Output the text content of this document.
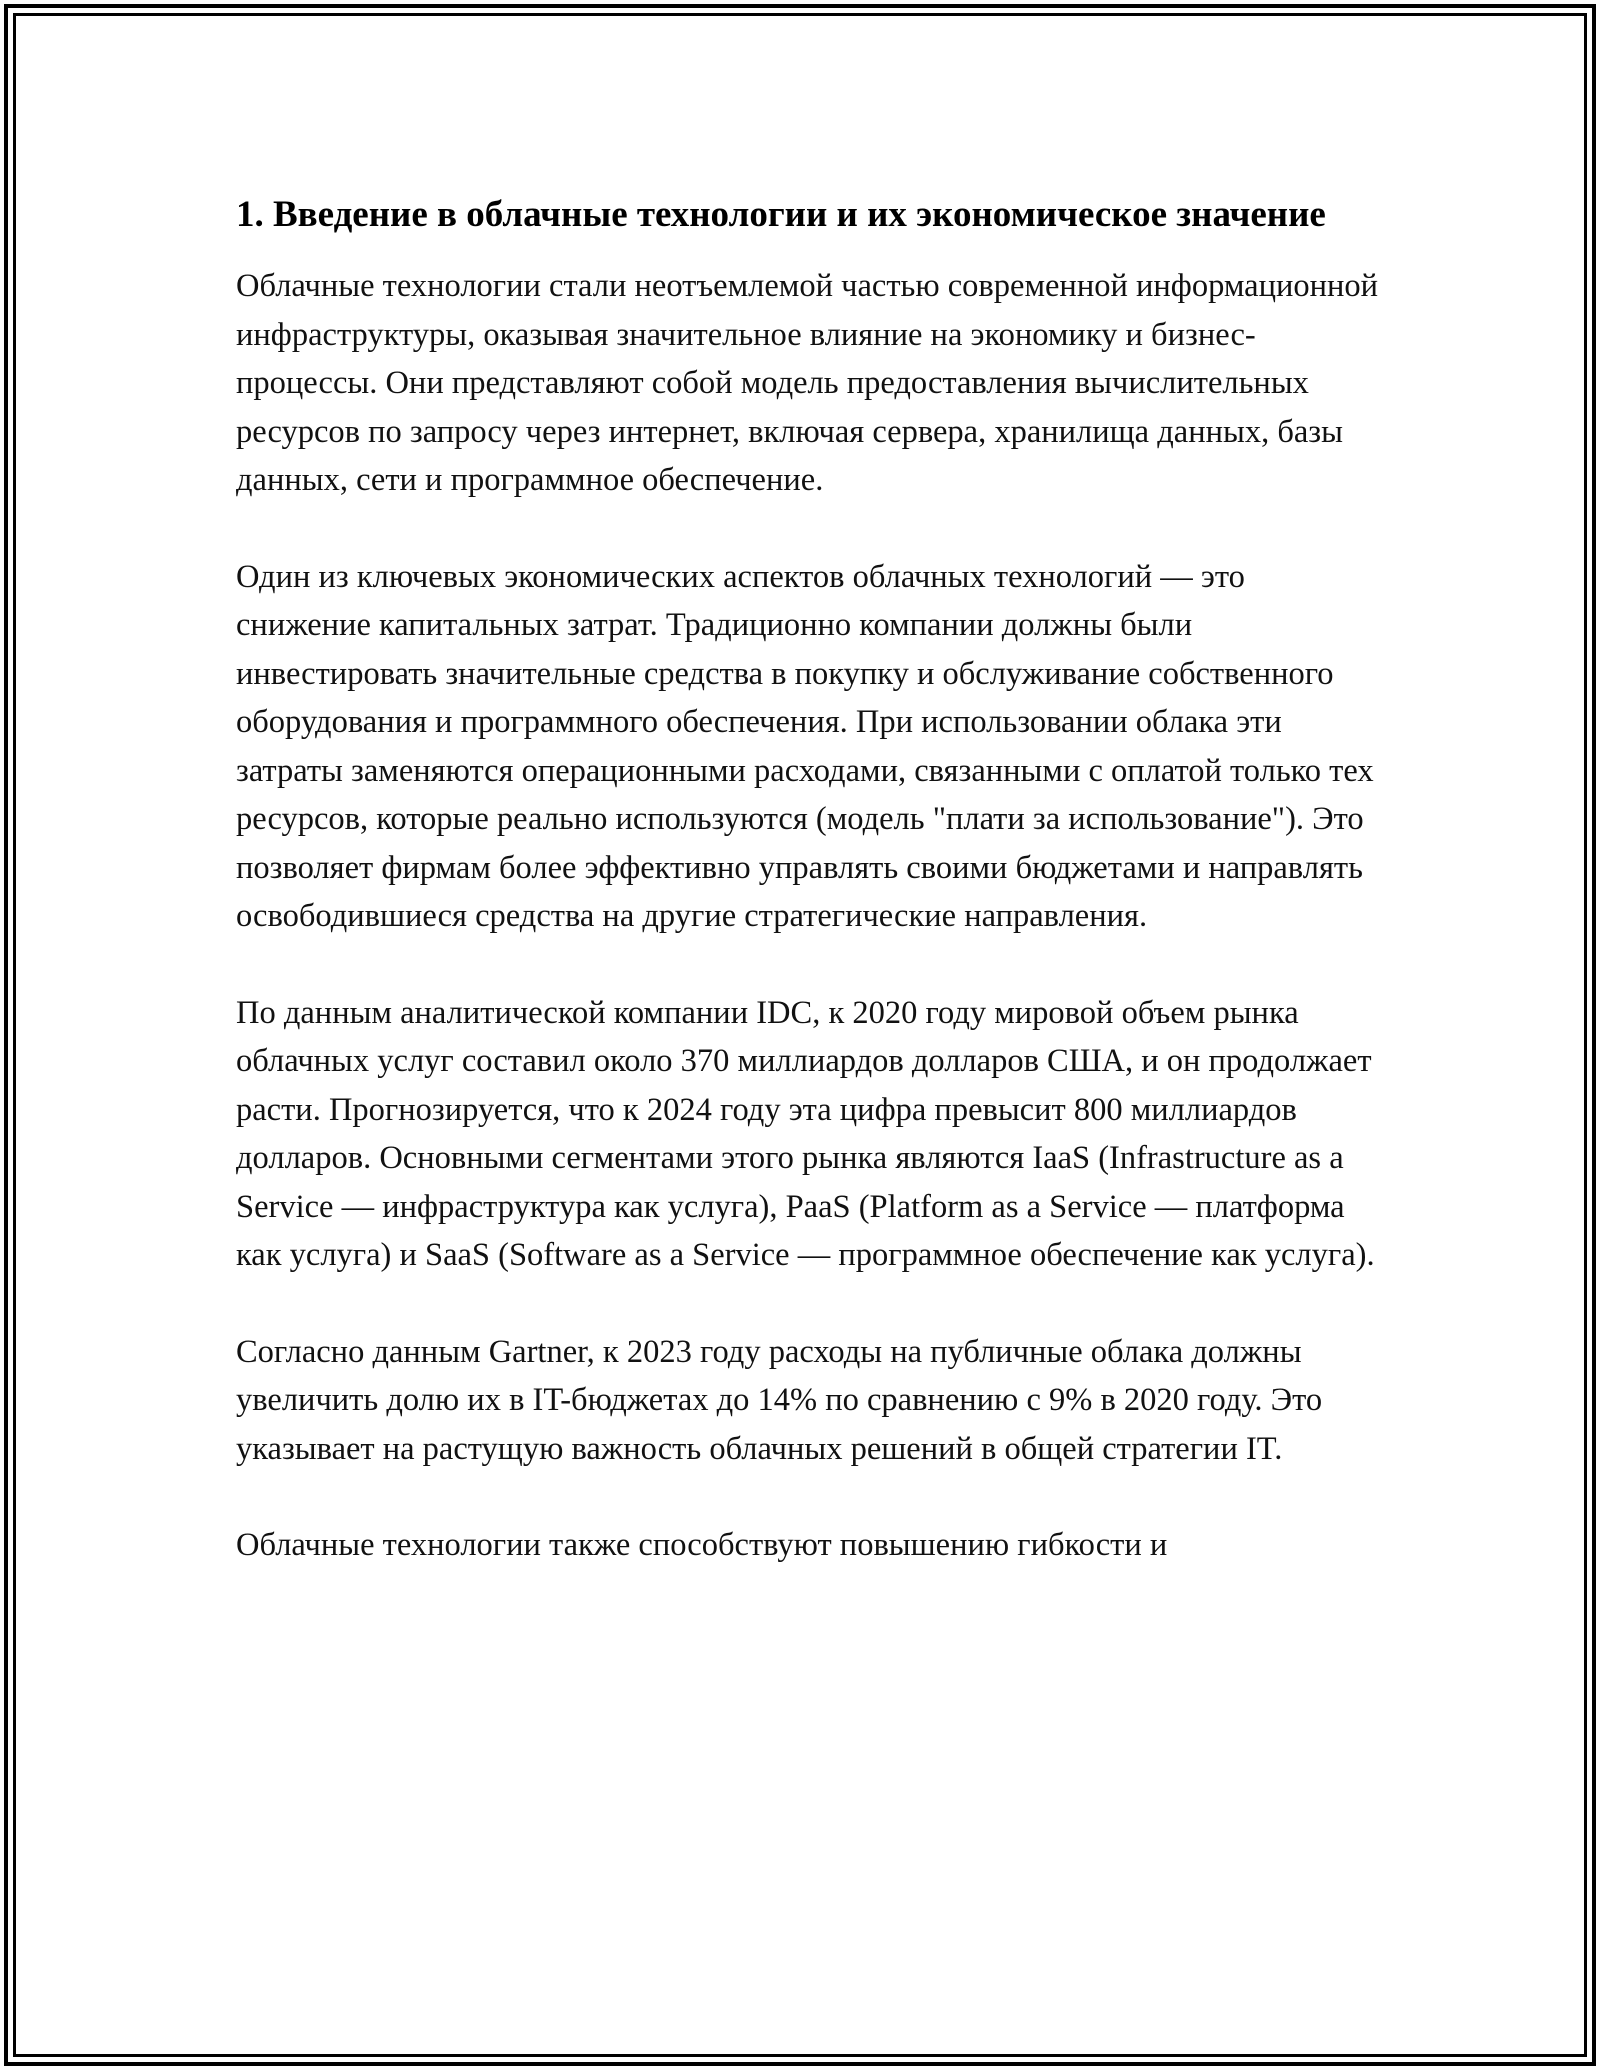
1. Введение в облачные технологии и их экономическое значение

Облачные технологии стали неотъемлемой частью современной информационной инфраструктуры, оказывая значительное влияние на экономику и бизнес-процессы. Они представляют собой модель предоставления вычислительных ресурсов по запросу через интернет, включая сервера, хранилища данных, базы данных, сети и программное обеспечение.

Один из ключевых экономических аспектов облачных технологий — это снижение капитальных затрат. Традиционно компании должны были инвестировать значительные средства в покупку и обслуживание собственного оборудования и программного обеспечения. При использовании облака эти затраты заменяются операционными расходами, связанными с оплатой только тех ресурсов, которые реально используются (модель "плати за использование"). Это позволяет фирмам более эффективно управлять своими бюджетами и направлять освободившиеся средства на другие стратегические направления.

По данным аналитической компании IDC, к 2020 году мировой объем рынка облачных услуг составил около 370 миллиардов долларов США, и он продолжает расти. Прогнозируется, что к 2024 году эта цифра превысит 800 миллиардов долларов. Основными сегментами этого рынка являются IaaS (Infrastructure as a Service — инфраструктура как услуга), PaaS (Platform as a Service — платформа как услуга) и SaaS (Software as a Service — программное обеспечение как услуга).

Согласно данным Gartner, к 2023 году расходы на публичные облака должны увеличить долю их в IT-бюджетах до 14% по сравнению с 9% в 2020 году. Это указывает на растущую важность облачных решений в общей стратегии IT.

Облачные технологии также способствуют повышению гибкости и
